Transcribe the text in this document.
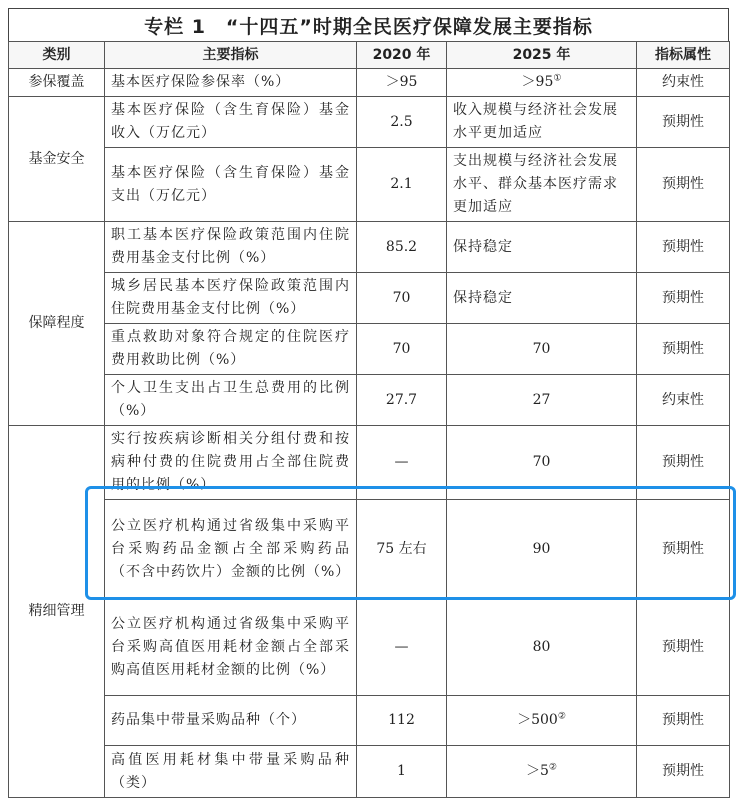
专栏 1　“十四五”时期全民医疗保障发展主要指标
类别	主要指标	2020 年	2025 年	指标属性
参保覆盖	基本医疗保险参保率（%）	＞95	＞95①	约束性
基金安全	基本医疗保险（含生育保险）基金收入（万亿元）	2.5	收入规模与经济社会发展水平更加适应	预期性
	基本医疗保险（含生育保险）基金支出（万亿元）	2.1	支出规模与经济社会发展水平、群众基本医疗需求更加适应	预期性
保障程度	职工基本医疗保险政策范围内住院费用基金支付比例（%）	85.2	保持稳定	预期性
	城乡居民基本医疗保险政策范围内住院费用基金支付比例（%）	70	保持稳定	预期性
	重点救助对象符合规定的住院医疗费用救助比例（%）	70	70	预期性
	个人卫生支出占卫生总费用的比例（%）	27.7	27	约束性
精细管理	实行按疾病诊断相关分组付费和按病种付费的住院费用占全部住院费用的比例（%）	—	70	预期性
	公立医疗机构通过省级集中采购平台采购药品金额占全部采购药品（不含中药饮片）金额的比例（%）	75 左右	90	预期性
	公立医疗机构通过省级集中采购平台采购高值医用耗材金额占全部采购高值医用耗材金额的比例（%）	—	80	预期性
	药品集中带量采购品种（个）	112	＞500②	预期性
	高值医用耗材集中带量采购品种（类）	1	＞5②	预期性
